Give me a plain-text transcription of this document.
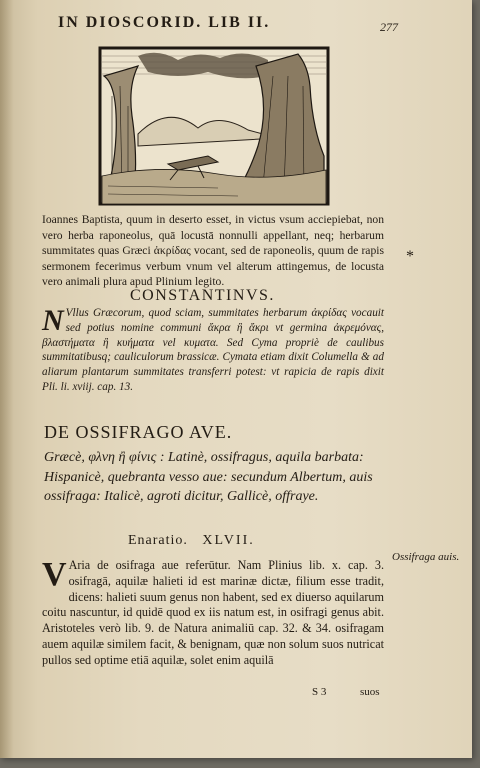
IN DIOSCORID. LIB II.	277

Ioannes Baptista, quum in deserto esset, in victus vsum acciepiebat, non vero herba raponeolus, quā locustā nonnulli appellant, neq; herbarum summitates quas Græci ἀκρίδας vocant, sed de raponeolis, quum de rapis sermonem fecerimus verbum vnum vel alterum attingemus, de locusta vero animali plura apud Plinium legito.

*
CONSTANTINVS.
N Vllus Græcorum, quod sciam, summitates herbarum ἀκρίδας vocauit sed potius nomine communi ἄκρα ἢ ἄκρι vt germina ἀκρεμόνας, βλαστήματα ἢ κυήματα vel κυματα. Sed Cyma propriè de caulibus summitatibusq; cauliculorum brassicæ. Cymata etiam dixit Columella & ad aliarum plantarum summitates transferri potest: vt rapicia de rapis dixit Pli. li. xviij. cap. 13.

DE OSSIFRAGO AVE.
Græcè, φλνη ἢ φίνις : Latinè, ossifragus, aquila barbata: Hispanicè, quebranta vesso aue: secundum Albertum, auis ossifraga: Italicè, agroti dicitur, Gallicè, offraye.
Enaratio. XLVII.
V Aria de osifraga aue referūtur. Nam Plinius lib. x. cap. 3. osifragā, aquilæ halieti id est marinæ dictæ, filium esse tradit, dicens: halieti suum genus non habent, sed ex diuerso aquilarum coitu nascuntur, id quidē quod ex iis natum est, in osifragi genus abit. Aristoteles verò lib. 9. de Natura animaliū cap. 32. & 34. osifragam auem aquilæ similem facit, & benignam, quæ non solum suos nutricat pullos sed optime etiā aquilæ, solet enim aquilā

Ossifraga auis.
S 3	suos
